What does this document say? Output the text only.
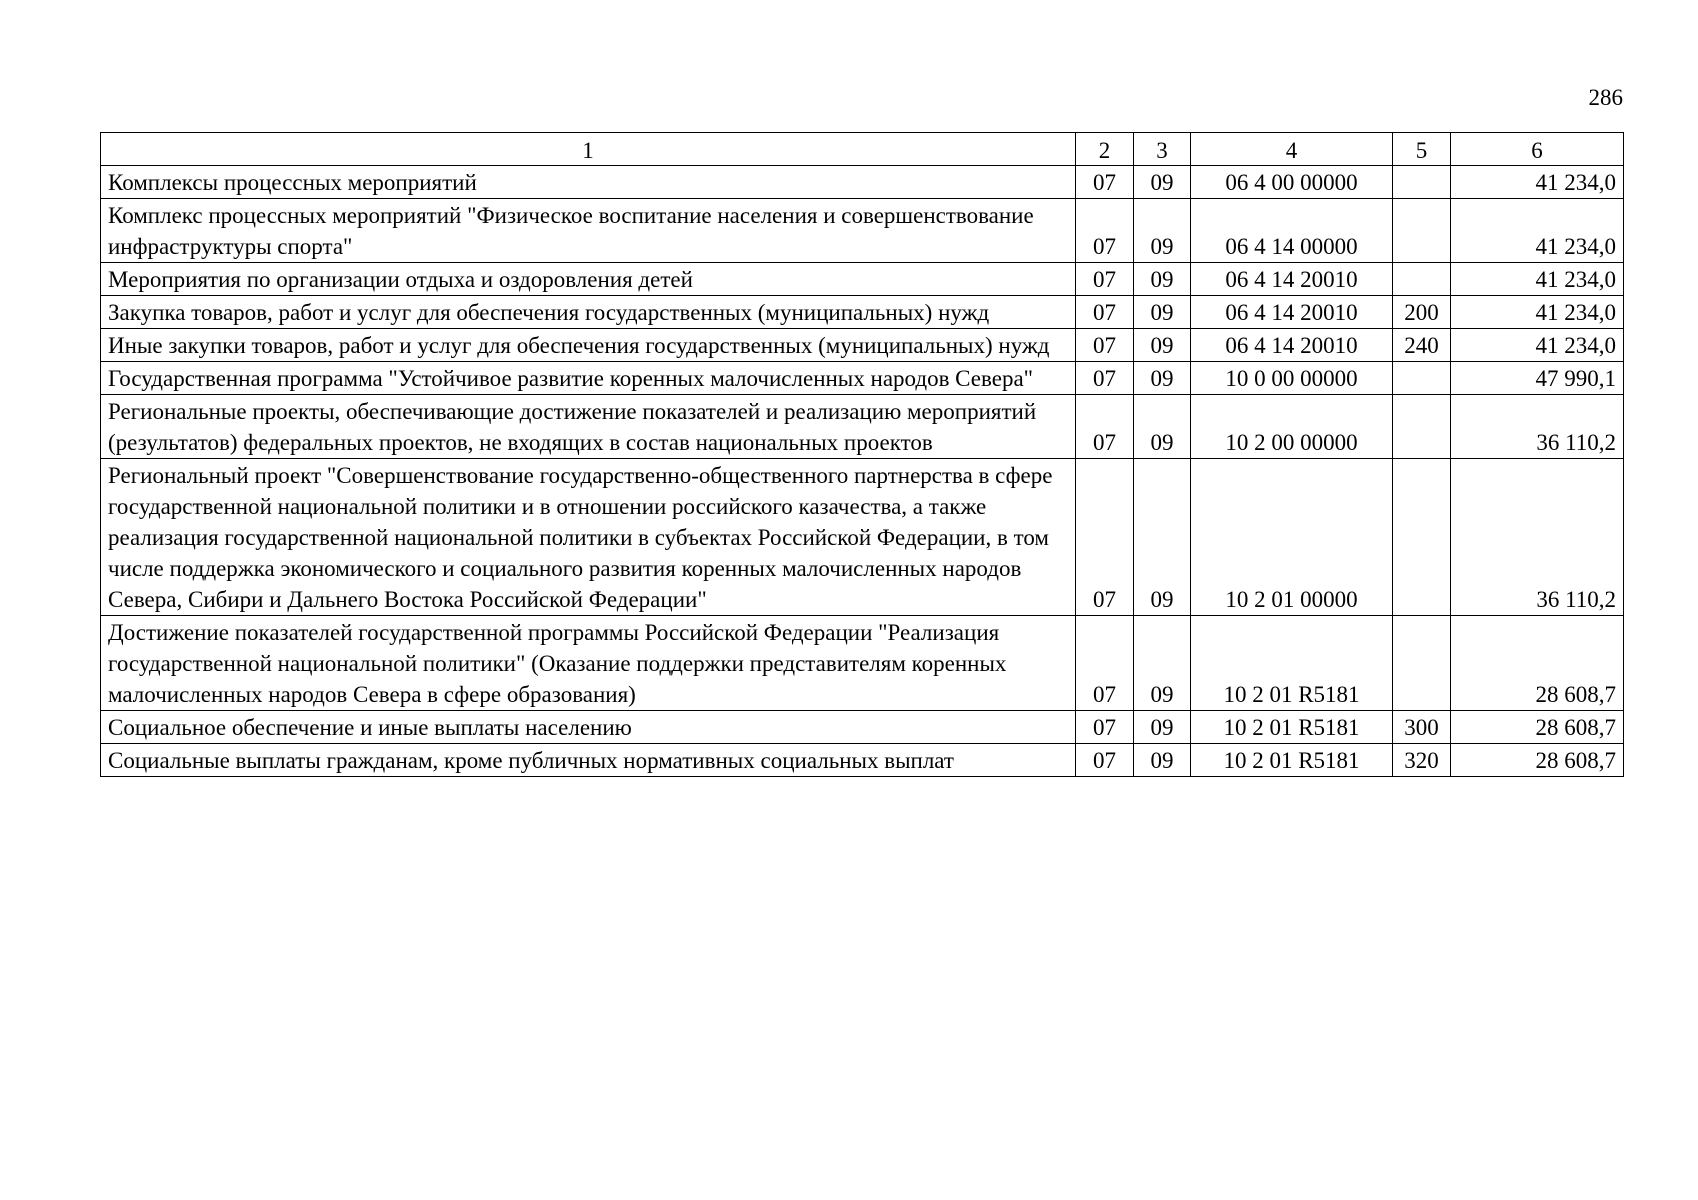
286
1	2	3	4	5	6
Комплексы процессных мероприятий	07	09	06 4 00 00000		41 234,0
Комплекс процессных мероприятий "Физическое воспитание населения и совершенствование инфраструктуры спорта"	07	09	06 4 14 00000		41 234,0
Мероприятия по организации отдыха и оздоровления детей	07	09	06 4 14 20010		41 234,0
Закупка товаров, работ и услуг для обеспечения государственных (муниципальных) нужд	07	09	06 4 14 20010	200	41 234,0
Иные закупки товаров, работ и услуг для обеспечения государственных (муниципальных) нужд	07	09	06 4 14 20010	240	41 234,0
Государственная программа "Устойчивое развитие коренных малочисленных народов Севера"	07	09	10 0 00 00000		47 990,1
Региональные проекты, обеспечивающие достижение показателей и реализацию мероприятий (результатов) федеральных проектов, не входящих в состав национальных проектов	07	09	10 2 00 00000		36 110,2
Региональный проект "Совершенствование государственно-общественного партнерства в сфере государственной национальной политики и в отношении российского казачества, а также реализация государственной национальной политики в субъектах Российской Федерации, в том числе поддержка экономического и социального развития коренных малочисленных народов Севера, Сибири и Дальнего Востока Российской Федерации"	07	09	10 2 01 00000		36 110,2
Достижение показателей государственной программы Российской Федерации "Реализация государственной национальной политики" (Оказание поддержки представителям коренных малочисленных народов Севера в сфере образования)	07	09	10 2 01 R5181		28 608,7
Социальное обеспечение и иные выплаты населению	07	09	10 2 01 R5181	300	28 608,7
Социальные выплаты гражданам, кроме публичных нормативных социальных выплат	07	09	10 2 01 R5181	320	28 608,7
